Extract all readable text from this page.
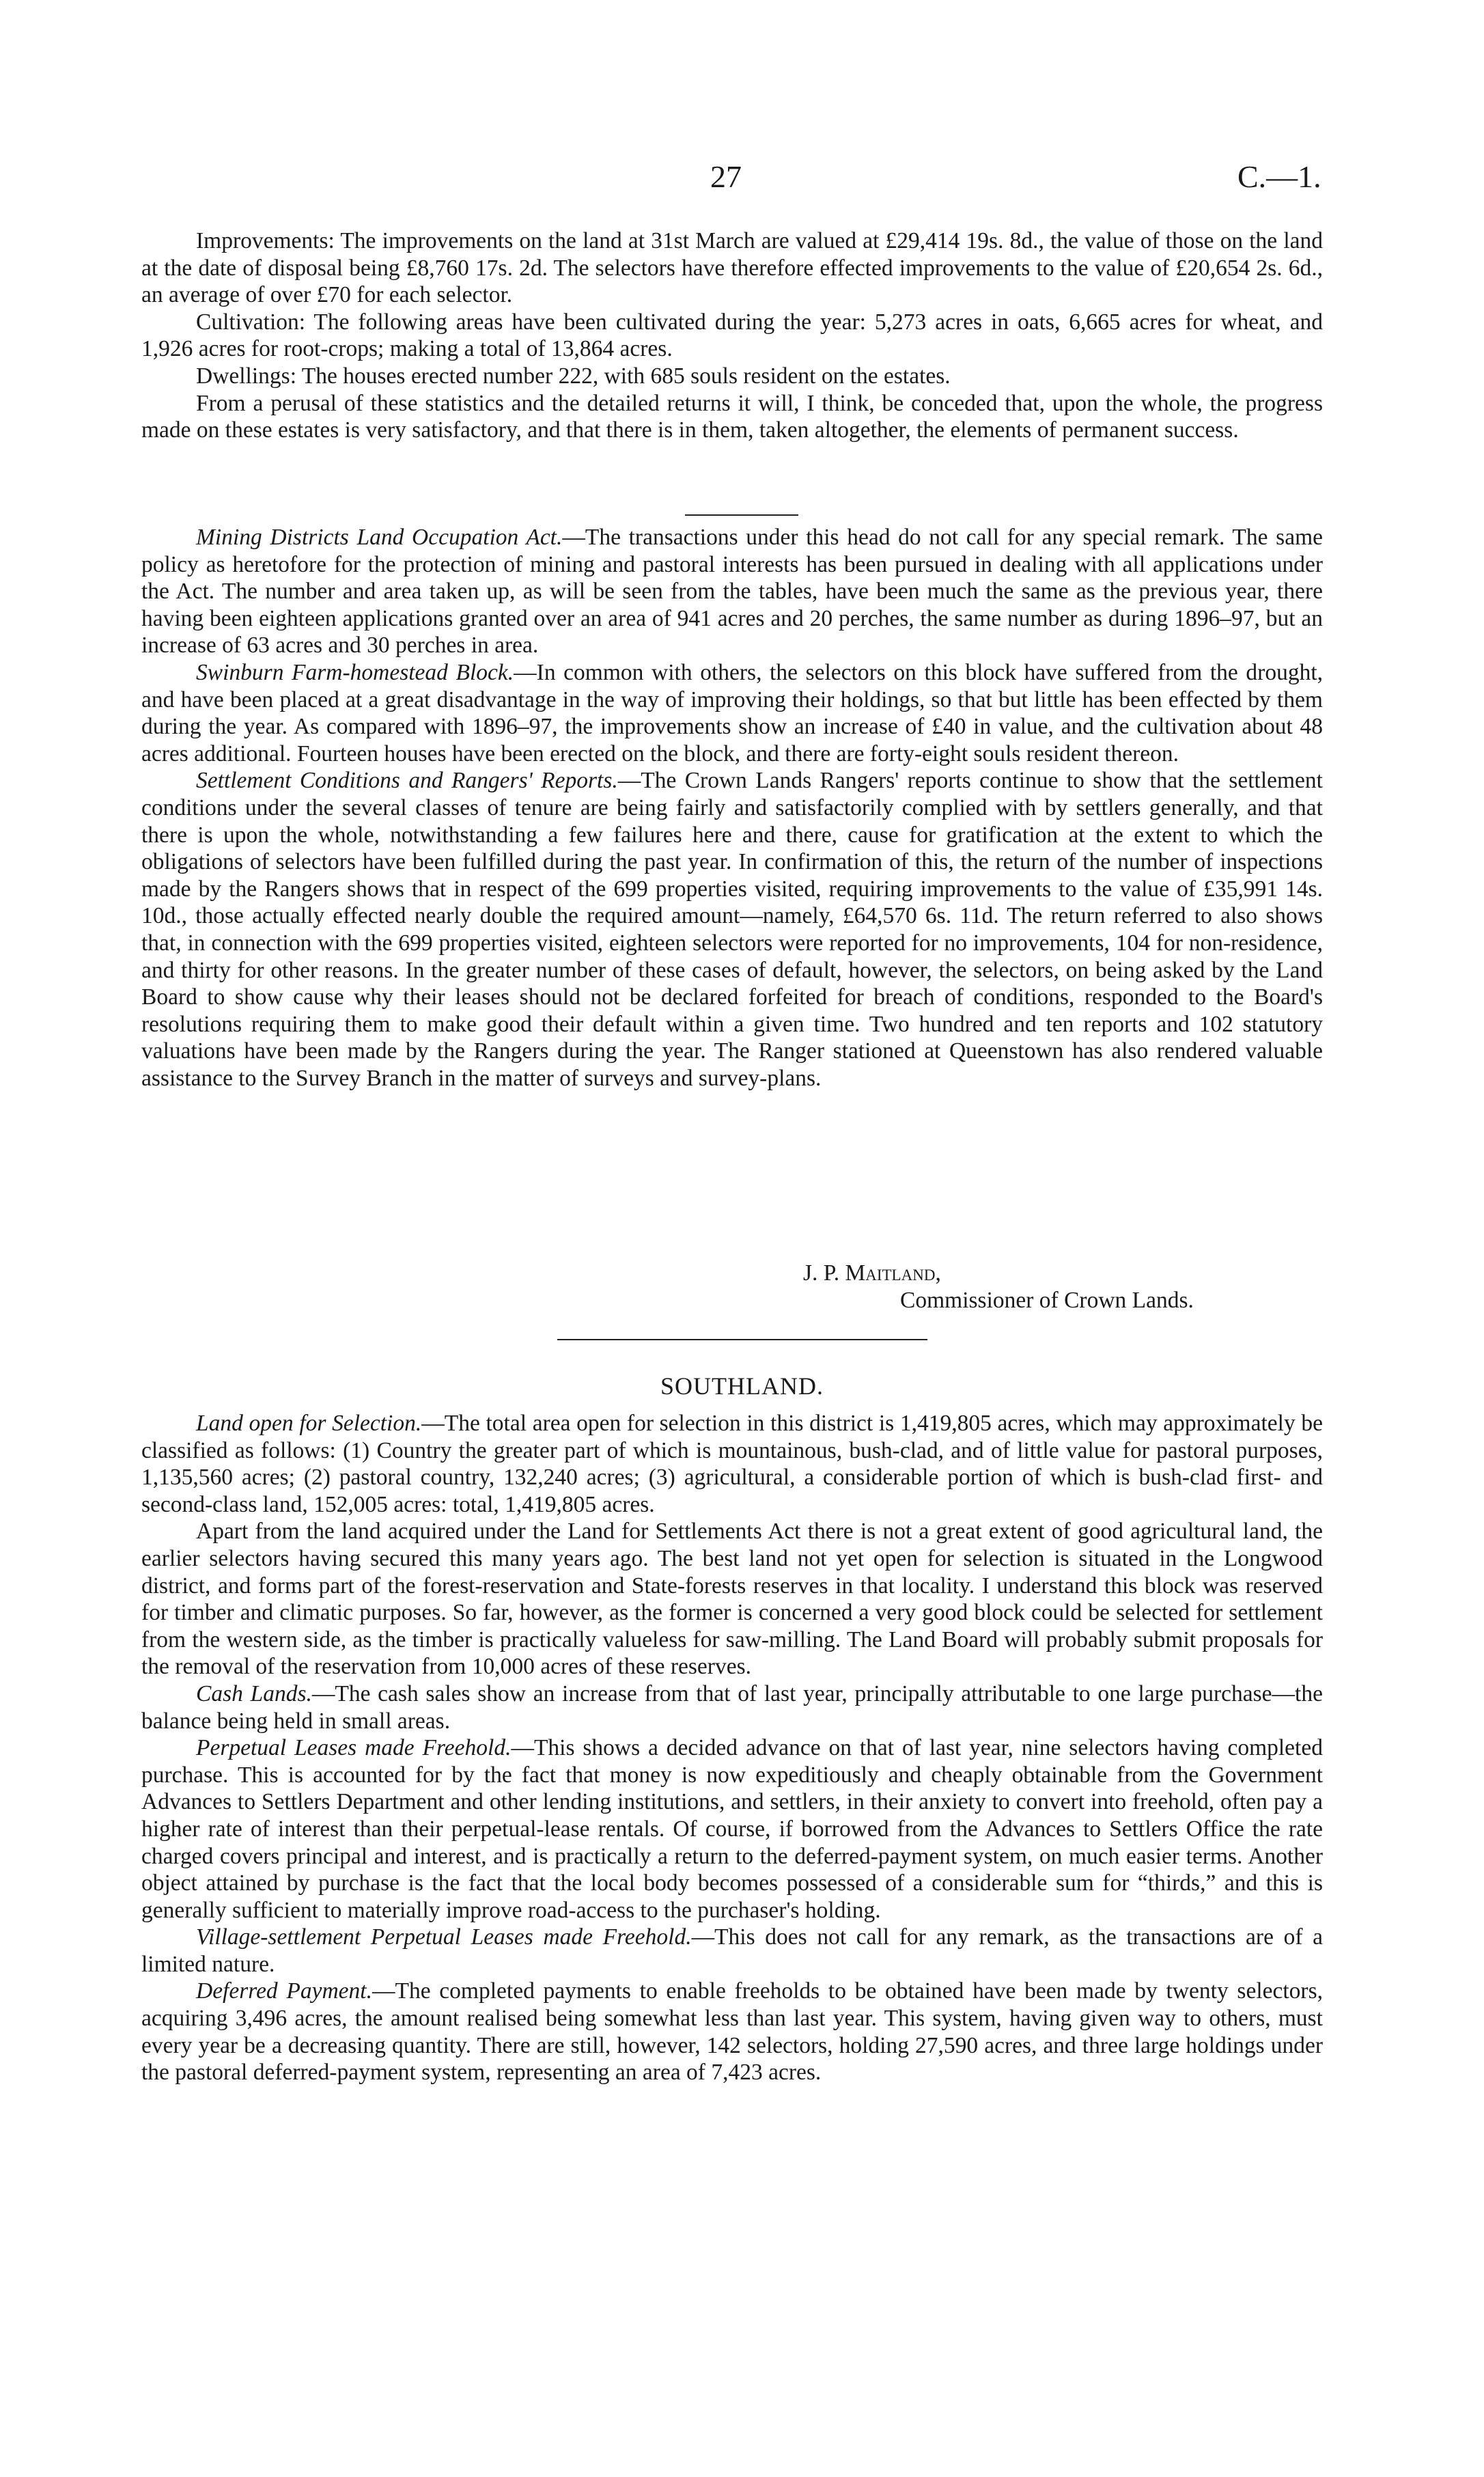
27	C.—1.

Improvements: The improvements on the land at 31st March are valued at £29,414 19s. 8d., the value of those on the land at the date of disposal being £8,760 17s. 2d. The selectors have therefore effected improvements to the value of £20,654 2s. 6d., an average of over £70 for each selector.

Cultivation: The following areas have been cultivated during the year: 5,273 acres in oats, 6,665 acres for wheat, and 1,926 acres for root-crops; making a total of 13,864 acres.

Dwellings: The houses erected number 222, with 685 souls resident on the estates.

From a perusal of these statistics and the detailed returns it will, I think, be conceded that, upon the whole, the progress made on these estates is very satisfactory, and that there is in them, taken altogether, the elements of permanent success.

Mining Districts Land Occupation Act.—The transactions under this head do not call for any special remark. The same policy as heretofore for the protection of mining and pastoral interests has been pursued in dealing with all applications under the Act. The number and area taken up, as will be seen from the tables, have been much the same as the previous year, there having been eighteen applications granted over an area of 941 acres and 20 perches, the same number as during 1896–97, but an increase of 63 acres and 30 perches in area.

Swinburn Farm-homestead Block.—In common with others, the selectors on this block have suffered from the drought, and have been placed at a great disadvantage in the way of improving their holdings, so that but little has been effected by them during the year. As compared with 1896–97, the improvements show an increase of £40 in value, and the cultivation about 48 acres additional. Fourteen houses have been erected on the block, and there are forty-eight souls resident thereon.

Settlement Conditions and Rangers' Reports.—The Crown Lands Rangers' reports continue to show that the settlement conditions under the several classes of tenure are being fairly and satisfactorily complied with by settlers generally, and that there is upon the whole, notwithstanding a few failures here and there, cause for gratification at the extent to which the obligations of selectors have been fulfilled during the past year. In confirmation of this, the return of the number of inspections made by the Rangers shows that in respect of the 699 properties visited, requiring improvements to the value of £35,991 14s. 10d., those actually effected nearly double the required amount—namely, £64,570 6s. 11d. The return referred to also shows that, in connection with the 699 properties visited, eighteen selectors were reported for no improvements, 104 for non-residence, and thirty for other reasons. In the greater number of these cases of default, however, the selectors, on being asked by the Land Board to show cause why their leases should not be declared forfeited for breach of conditions, responded to the Board's resolutions requiring them to make good their default within a given time. Two hundred and ten reports and 102 statutory valuations have been made by the Rangers during the year. The Ranger stationed at Queenstown has also rendered valuable assistance to the Survey Branch in the matter of surveys and survey-plans.

J. P. Maitland,
Commissioner of Crown Lands.
SOUTHLAND.

Land open for Selection.—The total area open for selection in this district is 1,419,805 acres, which may approximately be classified as follows: (1) Country the greater part of which is mountainous, bush-clad, and of little value for pastoral purposes, 1,135,560 acres; (2) pastoral country, 132,240 acres; (3) agricultural, a considerable portion of which is bush-clad first- and second-class land, 152,005 acres: total, 1,419,805 acres.

Apart from the land acquired under the Land for Settlements Act there is not a great extent of good agricultural land, the earlier selectors having secured this many years ago. The best land not yet open for selection is situated in the Longwood district, and forms part of the forest-reservation and State-forests reserves in that locality. I understand this block was reserved for timber and climatic purposes. So far, however, as the former is concerned a very good block could be selected for settlement from the western side, as the timber is practically valueless for saw-milling. The Land Board will probably submit proposals for the removal of the reservation from 10,000 acres of these reserves.

Cash Lands.—The cash sales show an increase from that of last year, principally attributable to one large purchase—the balance being held in small areas.

Perpetual Leases made Freehold.—This shows a decided advance on that of last year, nine selectors having completed purchase. This is accounted for by the fact that money is now expeditiously and cheaply obtainable from the Government Advances to Settlers Department and other lending institutions, and settlers, in their anxiety to convert into freehold, often pay a higher rate of interest than their perpetual-lease rentals. Of course, if borrowed from the Advances to Settlers Office the rate charged covers principal and interest, and is practically a return to the deferred-payment system, on much easier terms. Another object attained by purchase is the fact that the local body becomes possessed of a considerable sum for “thirds,” and this is generally sufficient to materially improve road-access to the purchaser's holding.

Village-settlement Perpetual Leases made Freehold.—This does not call for any remark, as the transactions are of a limited nature.

Deferred Payment.—The completed payments to enable freeholds to be obtained have been made by twenty selectors, acquiring 3,496 acres, the amount realised being somewhat less than last year. This system, having given way to others, must every year be a decreasing quantity. There are still, however, 142 selectors, holding 27,590 acres, and three large holdings under the pastoral deferred-payment system, representing an area of 7,423 acres.
